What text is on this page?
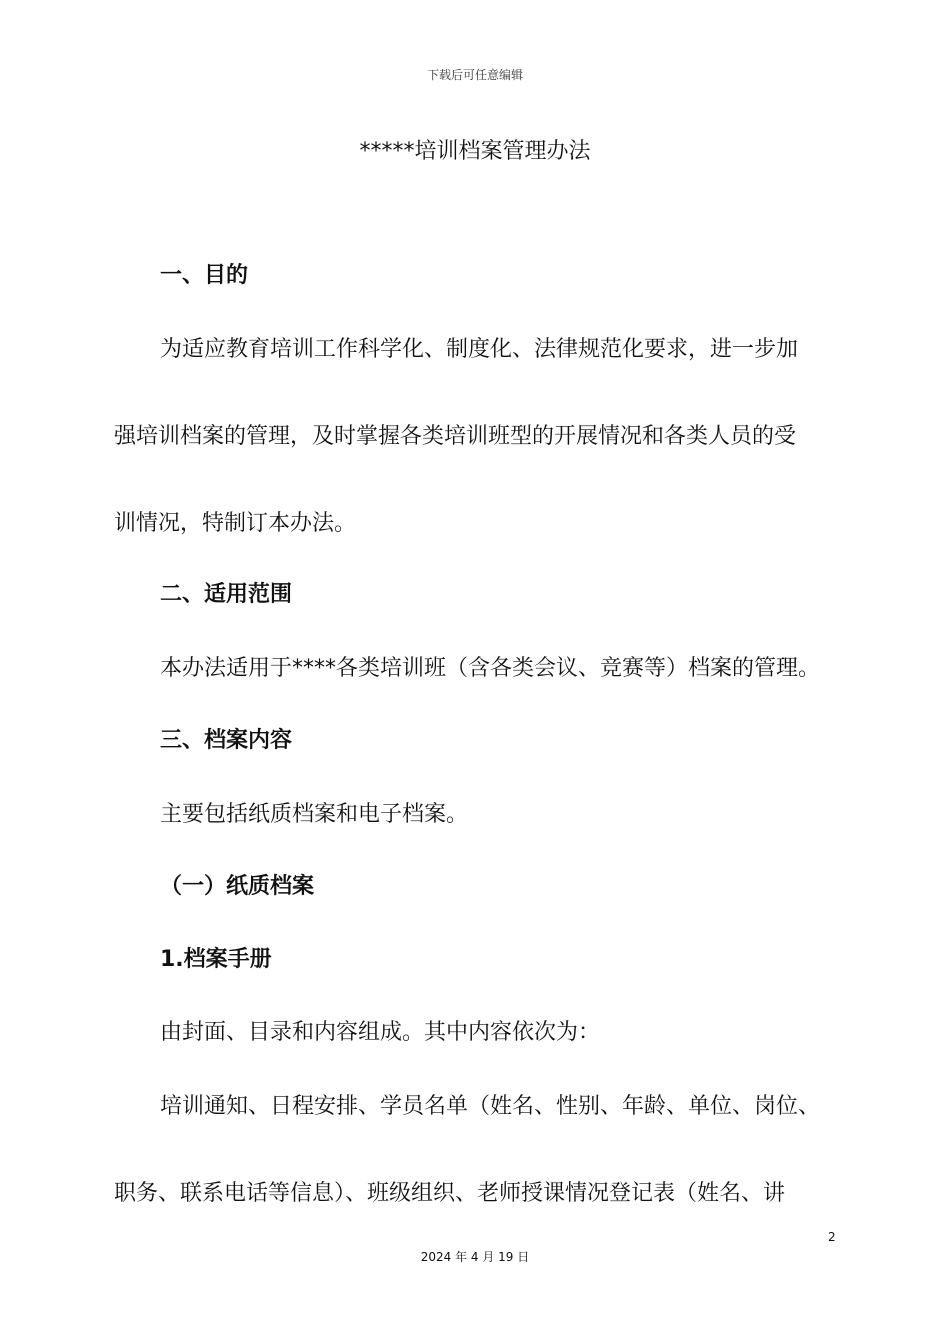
下载后可任意编辑
*****培训档案管理办法
一、目的
为适应教育培训工作科学化、制度化、法律规范化要求，进一步加
强培训档案的管理，及时掌握各类培训班型的开展情况和各类人员的受
训情况，特制订本办法。
二、适用范围
本办法适用于****各类培训班（含各类会议、竞赛等）档案的管理。
三、档案内容
主要包括纸质档案和电子档案。
（一）纸质档案
1.档案手册
由封面、目录和内容组成。其中内容依次为：
培训通知、日程安排、学员名单（姓名、性别、年龄、单位、岗位、
职务、联系电话等信息）、班级组织、老师授课情况登记表（姓名、讲
2
2024 年 4 月 19 日
